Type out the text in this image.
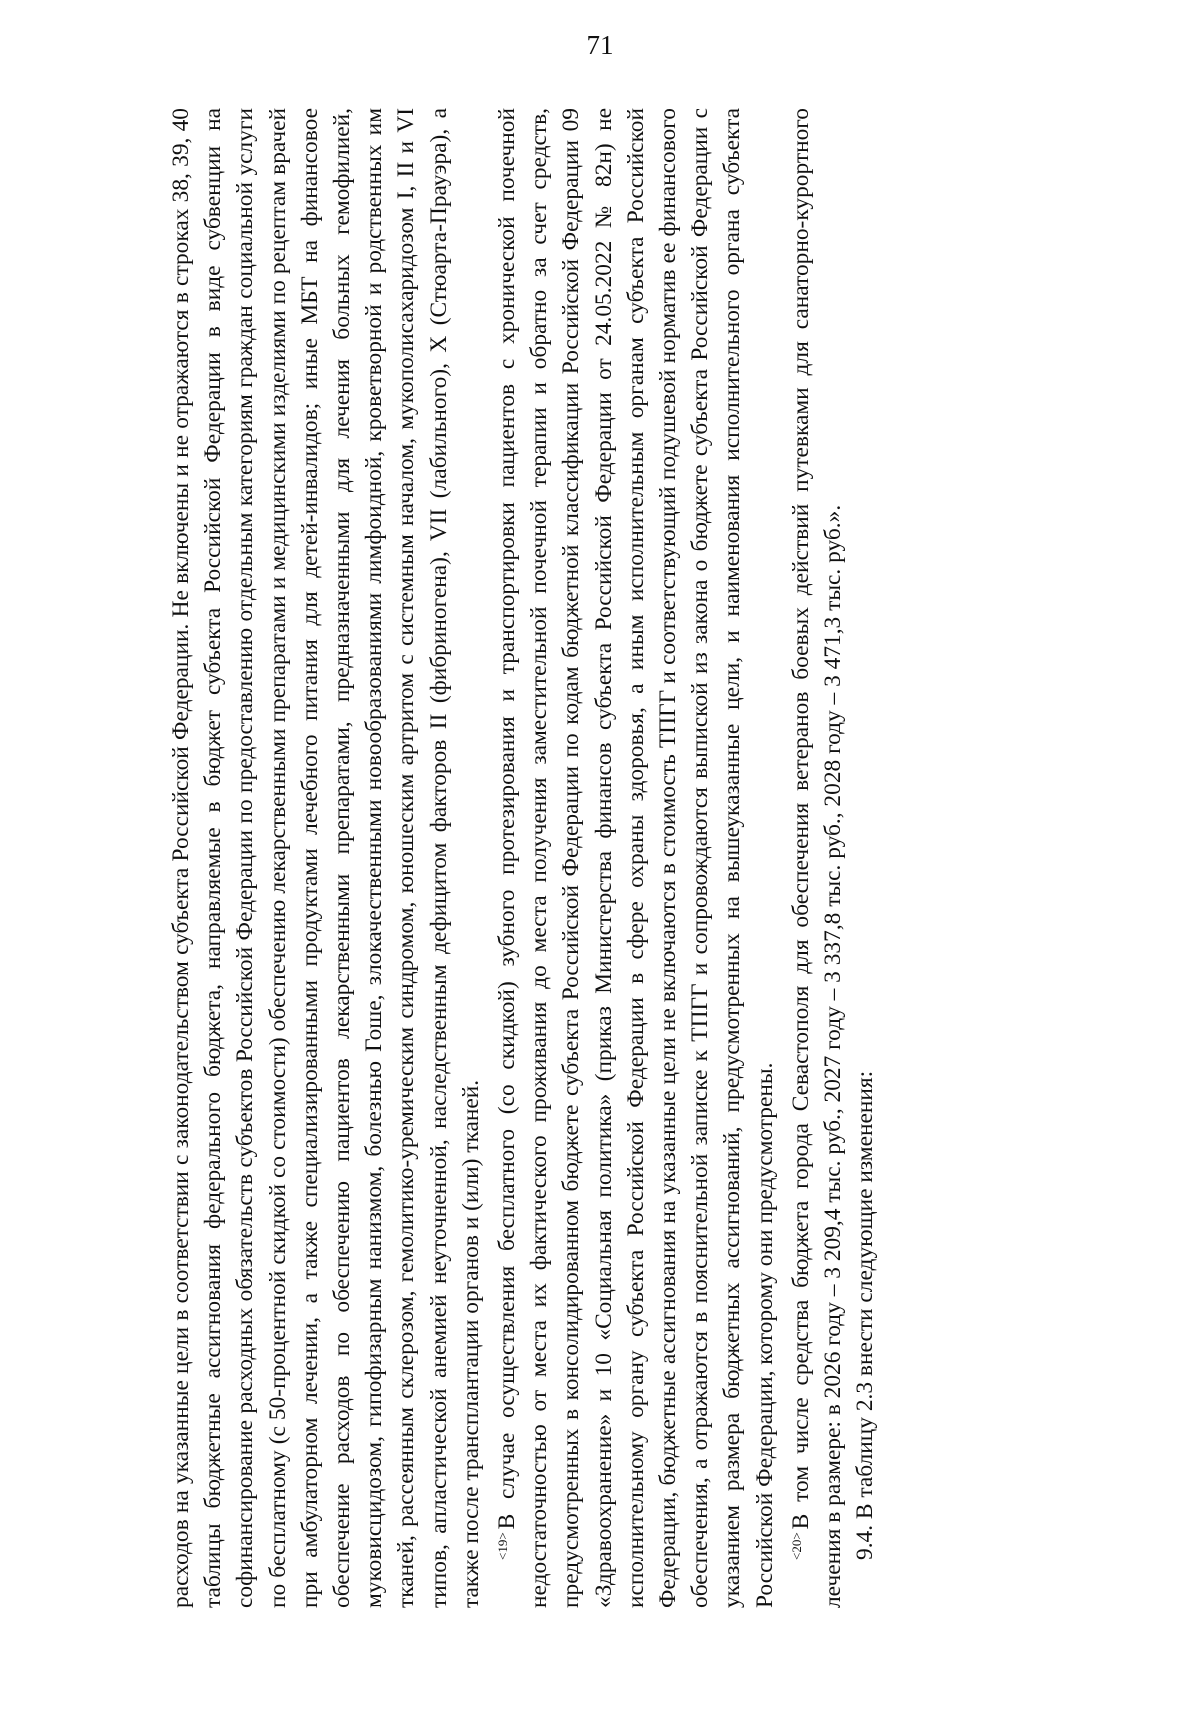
71

расходов на указанные цели в соответствии с законодательством субъекта Российской Федерации. Не включены и не отражаются в строках 38, 39, 40 таблицы бюджетные ассигнования федерального бюджета, направляемые в бюджет субъекта Российской Федерации в виде субвенции на софинансирование расходных обязательств субъектов Российской Федерации по предоставлению отдельным категориям граждан социальной услуги по бесплатному (с 50-процентной скидкой со стоимости) обеспечению лекарственными препаратами и медицинскими изделиями по рецептам врачей при амбулаторном лечении, а также специализированными продуктами лечебного питания для детей-инвалидов; иные МБТ на финансовое обеспечение расходов по обеспечению пациентов лекарственными препаратами, предназначенными для лечения больных гемофилией, муковисцидозом, гипофизарным нанизмом, болезнью Гоше, злокачественными новообразованиями лимфоидной, кроветворной и родственных им тканей, рассеянным склерозом, гемолитико-уремическим синдромом, юношеским артритом с системным началом, мукополисахаридозом I, II и VI типов, апластической анемией неуточненной, наследственным дефицитом факторов II (фибриногена), VII (лабильного), X (Стюарта-Прауэра), а также после трансплантации органов и (или) тканей. $^{<19>}$В случае осуществления бесплатного (со скидкой) зубного протезирования и транспортировки пациентов с хронической почечной недостаточностью от места их фактического проживания до места получения заместительной почечной терапии и обратно за счет средств, предусмотренных в консолидированном бюджете субъекта Российской Федерации по кодам бюджетной классификации Российской Федерации 09 «Здравоохранение» и 10 «Социальная политика» (приказ Министерства финансов субъекта Российской Федерации от 24.05.2022 № 82н) не исполнительному органу субъекта Российской Федерации в сфере охраны здоровья, а иным исполнительным органам субъекта Российской Федерации, бюджетные ассигнования на указанные цели не включаются в стоимость ТПГГ и соответствующий подушевой норматив ее финансового обеспечения, а отражаются в пояснительной записке к ТПГГ и сопровождаются выпиской из закона о бюджете субъекта Российской Федерации с указанием размера бюджетных ассигнований, предусмотренных на вышеуказанные цели, и наименования исполнительного органа субъекта Российской Федерации, которому они предусмотрены. $^{<20>}$В том числе средства бюджета города Севастополя для обеспечения ветеранов боевых действий путевками для санаторно-курортного лечения в размере: в 2026 году – 3 209,4 тыс. руб., 2027 году – 3 337,8 тыс. руб., 2028 году – 3 471,3 тыс. руб.». 9.4. В таблицу 2.3 внести следующие изменения:
